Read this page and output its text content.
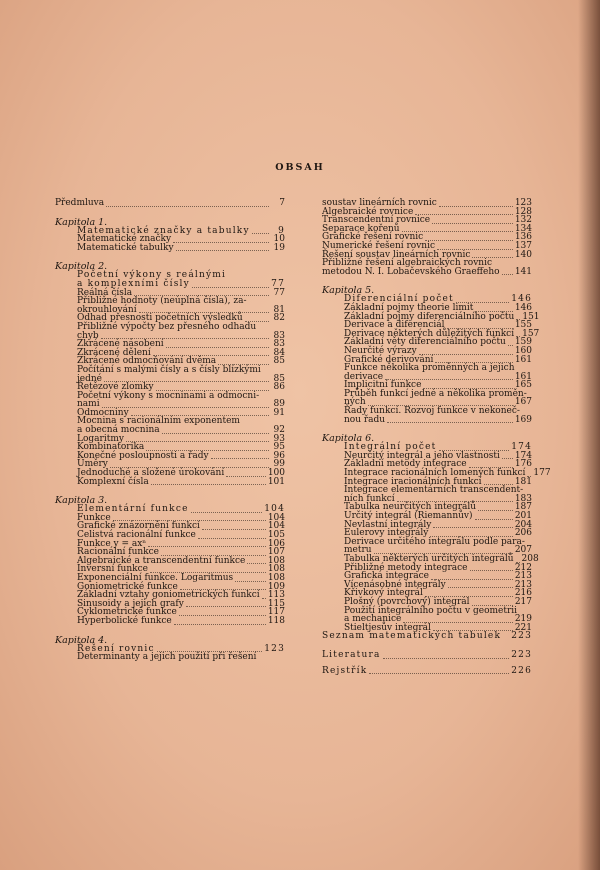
OBSAH
Předmluva	7
Kapitola 1.
Matematické značky a tabulky	9
Matematické značky	10
Matematické tabulky	19
Kapitola 2.
Početní výkony s reálnými
a komplexními čísly	77
Reálná čísla	77
Přibližné hodnoty (neúplná čísla), za-
okrouhlování	81
Odhad přesnosti početních výsledků	82
Přibližné výpočty bez přesného odhadu
chyb	83
Zkrácené násobení	83
Zkrácené dělení	84
Zkrácené odmocňování dvěma	85
Počítání s malými čísly a s čísly blízkými
jedné	85
Řetězové zlomky	86
Početní výkony s mocninami a odmocni-
nami	89
Odmocniny	91
Mocnina s racionálním exponentem
a obecná mocnina	92
Logaritmy	93
Kombinatorika	95
Konečné posloupnosti a řady	96
Úměry	99
Jednoduché a složené úrokování	100
Komplexní čísla	101
Kapitola 3.
Elementární funkce	104
Funkce	104
Grafické znázornění funkcí	104
Celistvá racionální funkce	105
Funkce y = axⁿ	106
Racionální funkce	107
Algebraické a transcendentní funkce 108
Inversní funkce	108
Exponenciální funkce. Logaritmus	108
Goniometrické funkce	109
Základní vztahy goniometrických funkcí 113
Sinusoidy a jejich grafy	115
Cyklometrické funkce	117
Hyperbolické funkce	118
Kapitola 4.
Řešení rovnic	123
Determinanty a jejich použití při řešení
soustav lineárních rovnic	123
Algebraické rovnice	128
Transcendentní rovnice	132
Separace kořenů	134
Grafické řešení rovnic	136
Numerické řešení rovnic	137
Řešení soustav lineárních rovnic	140
Přibližné řešení algebraických rovnic
metodou N. I. Lobačevského Graeffeho 141
Kapitola 5.
Diferenciální počet	146
Základní pojmy theorie limit	146
Základní pojmy diferenciálního počtu 151
Derivace a diferenciál	155
Derivace některých důležitých funkcí 157
Základní věty diferenciálního počtu 159
Neurčité výrazy	160
Grafické derivování	161
Funkce několika proměnných a jejich
derivace	161
Implicitní funkce	165
Průběh funkcí jedné a několika proměn-
ných	167
Řady funkcí. Rozvoj funkce v nekoneč-
nou řadu	169
Kapitola 6.
Integrální počet	174
Neurčitý integrál a jeho vlastnosti 174
Základní metody integrace	176
Integrace racionálních lomených funkcí 177
Integrace iracionálních funkcí	181
Integrace elementárních transcendent-
ních funkcí	183
Tabulka neurčitých integrálů	187
Určitý integrál (Riemannův)	201
Nevlastní integrály	204
Eulerovy integrály	206
Derivace určitého integrálu podle para-
metru	207
Tabulka některých určitých integrálů 208
Přibližné metody integrace	212
Grafická integrace	213
Vícenásobné integrály	213
Křivkový integrál	216
Plošný (povrchový) integrál	217
Použití integrálního počtu v geometrii
a mechanice	219
Stieltjesův integrál	221
Seznam matematických tabulek 223
Literatura	223
Rejstřík	226
